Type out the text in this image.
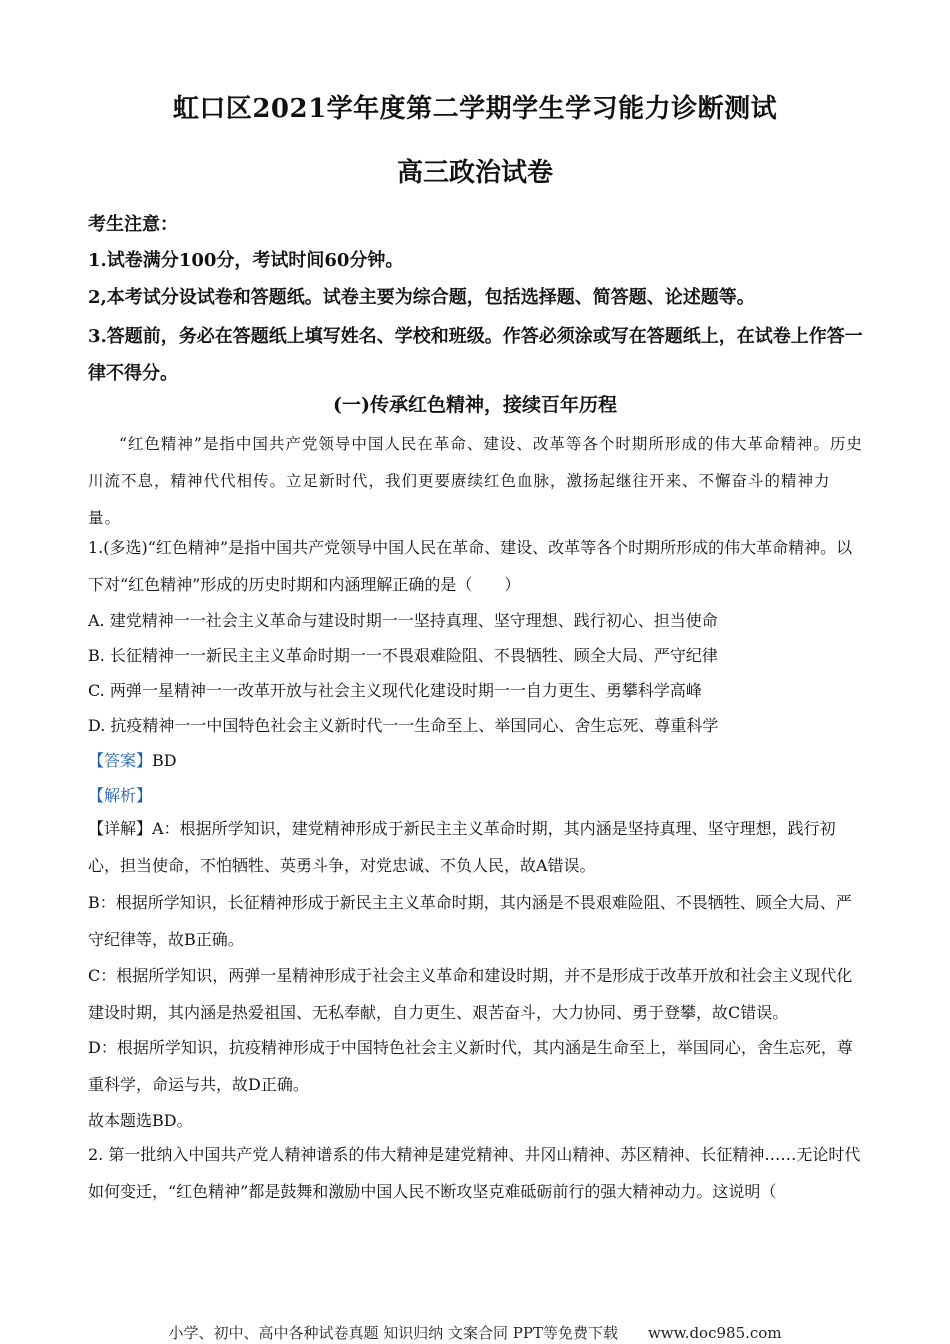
虹口区2021学年度第二学期学生学习能力诊断测试
高三政治试卷
考生注意：
1.试卷满分100分，考试时间60分钟。
2,本考试分设试卷和答题纸。试卷主要为综合题，包括选择题、简答题、论述题等。
3.答题前，务必在答题纸上填写姓名、学校和班级。作答必须涂或写在答题纸上，在试卷上作答一律不得分。
(一)传承红色精神，接续百年历程
“红色精神”是指中国共产党领导中国人民在革命、建设、改革等各个时期所形成的伟大革命精神。历史川流不息，精神代代相传。立足新时代，我们更要赓续红色血脉，激扬起继往开来、不懈奋斗的精神力量。
1.(多选)“红色精神”是指中国共产党领导中国人民在革命、建设、改革等各个时期所形成的伟大革命精神。以下对“红色精神”形成的历史时期和内涵理解正确的是（　　）
A. 建党精神一一社会主义革命与建设时期一一坚持真理、坚守理想、践行初心、担当使命
B. 长征精神一一新民主主义革命时期一一不畏艰难险阻、不畏牺牲、顾全大局、严守纪律
C. 两弹一星精神一一改革开放与社会主义现代化建设时期一一自力更生、勇攀科学高峰
D. 抗疫精神一一中国特色社会主义新时代一一生命至上、举国同心、舍生忘死、尊重科学
【答案】BD
【解析】
【详解】A：根据所学知识，建党精神形成于新民主主义革命时期，其内涵是坚持真理、坚守理想，践行初心，担当使命，不怕牺牲、英勇斗争，对党忠诚、不负人民，故A错误。
B：根据所学知识，长征精神形成于新民主主义革命时期，其内涵是不畏艰难险阻、不畏牺牲、顾全大局、严守纪律等，故B正确。
C：根据所学知识，两弹一星精神形成于社会主义革命和建设时期，并不是形成于改革开放和社会主义现代化建设时期，其内涵是热爱祖国、无私奉献，自力更生、艰苦奋斗，大力协同、勇于登攀，故C错误。
D：根据所学知识，抗疫精神形成于中国特色社会主义新时代，其内涵是生命至上，举国同心，舍生忘死，尊重科学，命运与共，故D正确。
故本题选BD。
2. 第一批纳入中国共产党人精神谱系的伟大精神是建党精神、井冈山精神、苏区精神、长征精神……无论时代如何变迁，“红色精神”都是鼓舞和激励中国人民不断攻坚克难砥砺前行的强大精神动力。这说明（
小学、初中、高中各种试卷真题 知识归纳 文案合同 PPT等免费下载　　www.doc985.com
